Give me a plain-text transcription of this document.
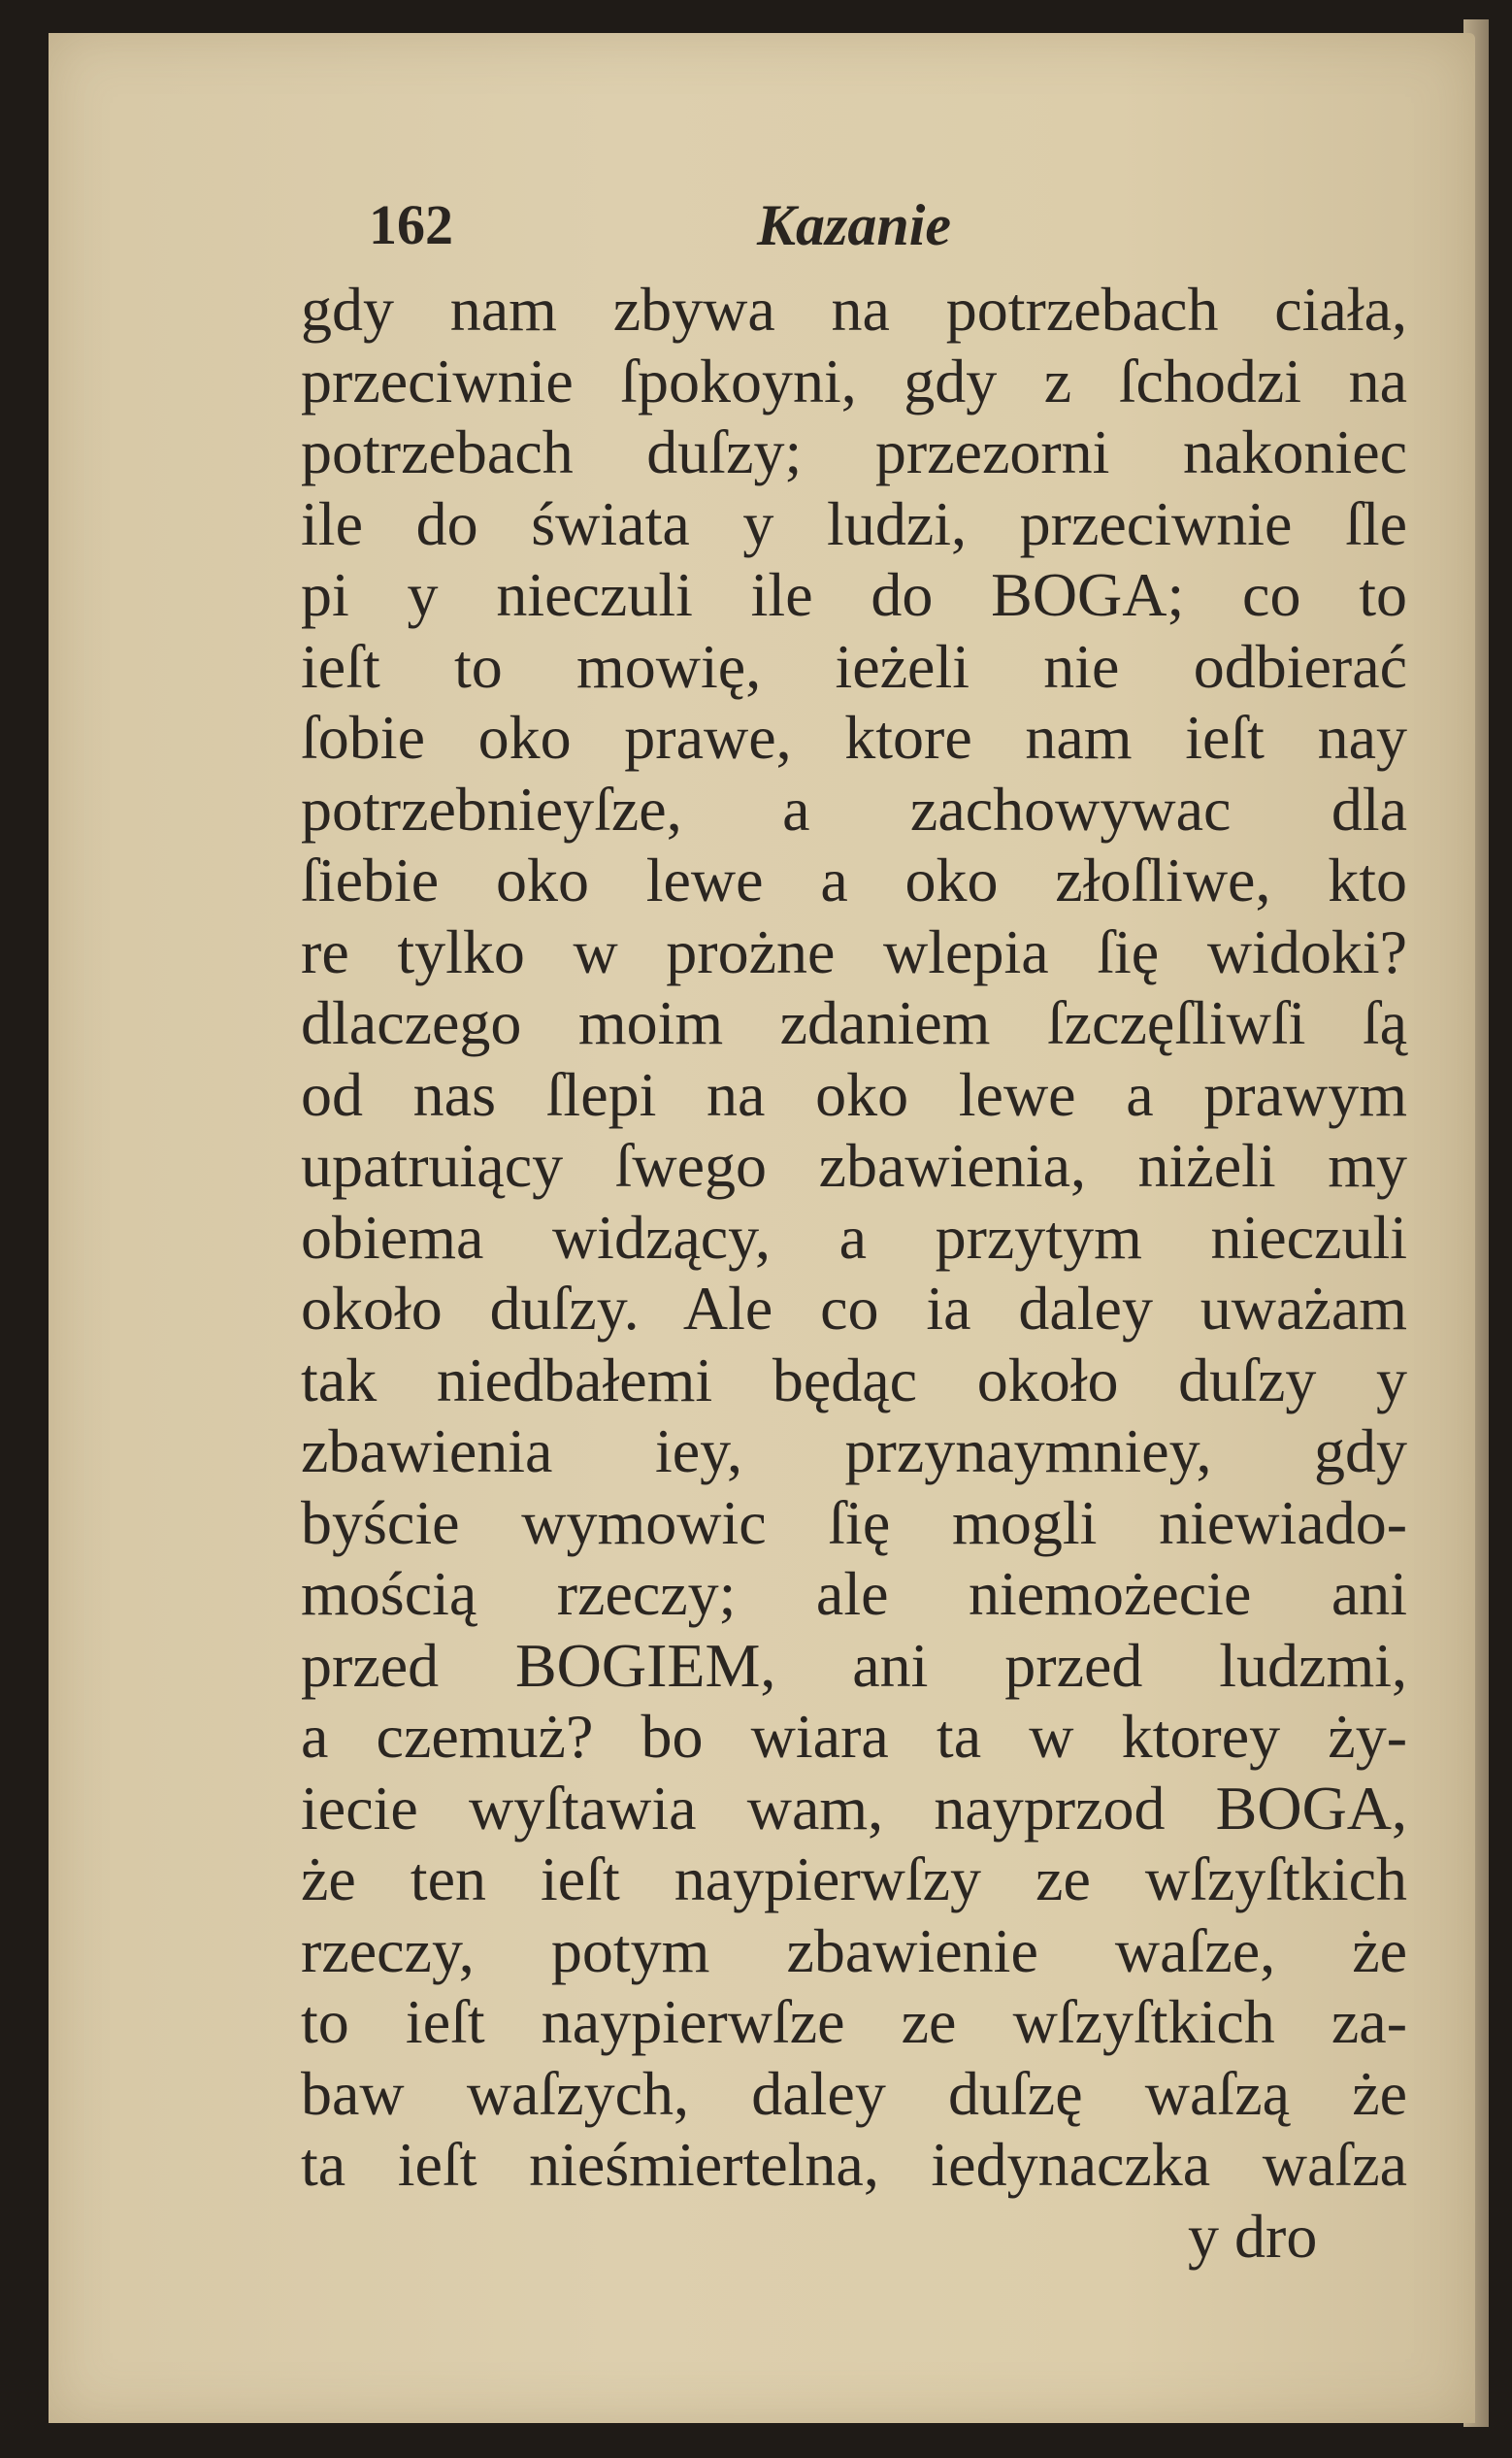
162	Kazanie
gdy nam zbywa na potrzebach ciała,
przeciwnie ſpokoyni, gdy z ſchodzi na
potrzebach duſzy; przezorni nakoniec
ile do świata y ludzi, przeciwnie ſle
pi y nieczuli ile do BOGA; co to
ieſt to mowię, ieżeli nie odbierać
ſobie oko prawe, ktore nam ieſt nay
potrzebnieyſze, a zachowywac dla
ſiebie oko lewe a oko złoſliwe, kto
re tylko w prożne wlepia ſię widoki?
dlaczego moim zdaniem ſzczęſliwſi ſą
od nas ſlepi na oko lewe a prawym
upatruiący ſwego zbawienia, niżeli my
obiema widzący, a przytym nieczuli
około duſzy. Ale co ia daley uważam
tak niedbałemi będąc około duſzy y
zbawienia iey, przynaymniey, gdy
byście wymowic ſię mogli niewiado-
mością rzeczy; ale niemożecie ani
przed BOGIEM, ani przed ludzmi,
a czemuż? bo wiara ta w ktorey ży-
iecie wyſtawia wam, nayprzod BOGA,
że ten ieſt naypierwſzy ze wſzyſtkich
rzeczy, potym zbawienie waſze, że
to ieſt naypierwſze ze wſzyſtkich za-
baw waſzych, daley duſzę waſzą że
ta ieſt nieśmiertelna, iedynaczka waſza
y dro
